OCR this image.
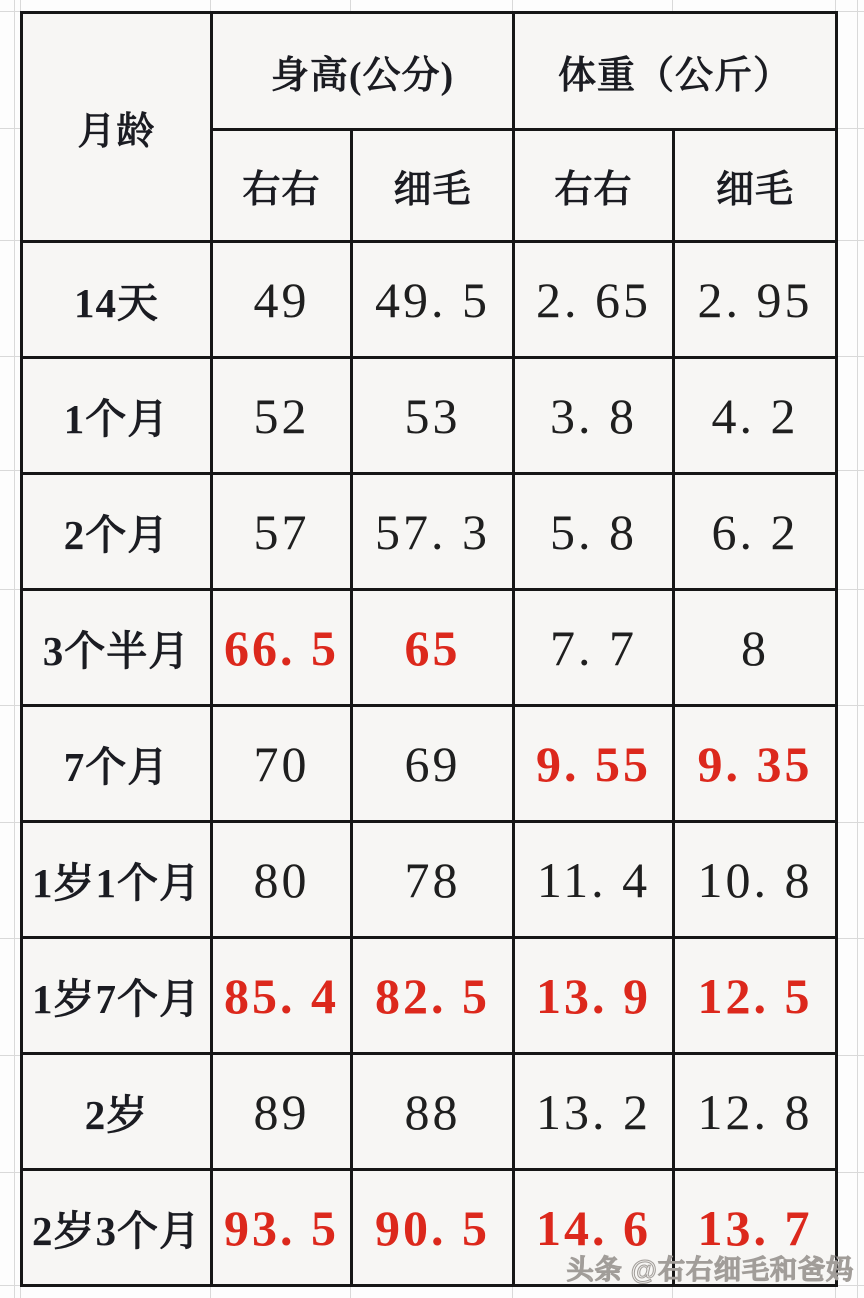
月龄	身高(公分)		体重（公斤）	
	右右	细毛	右右	细毛
14天	49	49. 5	2. 65	2. 95
1个月	52	53	3. 8	4. 2
2个月	57	57. 3	5. 8	6. 2
3个半月	66. 5	65	7. 7	8
7个月	70	69	9. 55	9. 35
1岁1个月	80	78	11. 4	10. 8
1岁7个月	85. 4	82. 5	13. 9	12. 5
2岁	89	88	13. 2	12. 8
2岁3个月	93. 5	90. 5	14. 6	13. 7
头条 @右右细毛和爸妈
